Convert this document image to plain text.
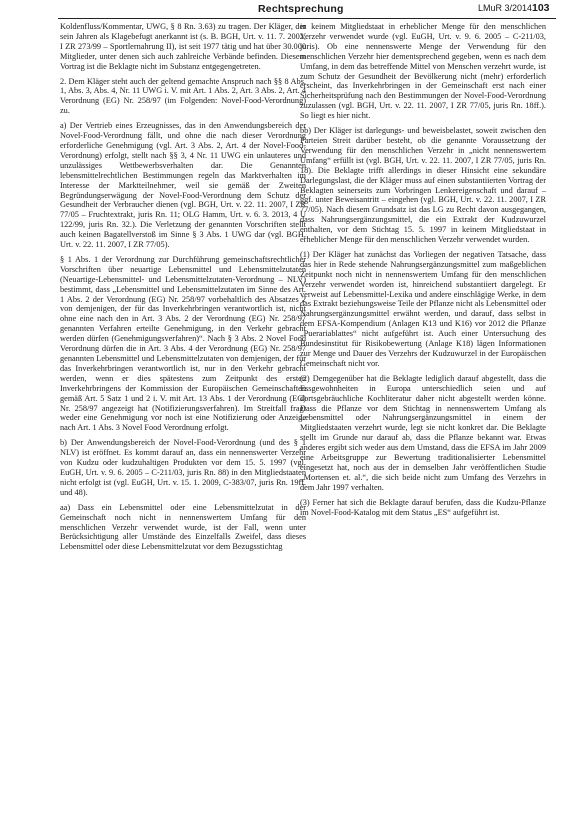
Rechtsprechung	LMuR 3/2014 103

Koldenfluss/Kommentar, UWG, § 8 Rn. 3.63) zu tragen. Der Kläger, der sein Jahren als Klagebefugt anerkannt ist (s. B. BGH, Urt. v. 11. 7. 2002, I ZR 273/99 – Sportlernahrung II), ist seit 1977 tätig und hat über 30.000 Mitglieder, unter denen sich auch zahlreiche Verbände befinden. Diesem Vortrag ist die Beklagte nicht im Substanz entgegengetreten.

2. Dem Kläger steht auch der geltend gemachte Anspruch nach §§ 8 Abs. 1, Abs. 3, Abs. 4, Nr. 11 UWG i. V. mit Art. 1 Abs. 2, Art. 3 Abs. 2, Art. 4 Verordnung (EG) Nr. 258/97 (im Folgenden: Novel-Food-Verordnung) zu.

a) Der Vertrieb eines Erzeugnisses, das in den Anwendungsbereich der Novel-Food-Verordnung fällt, und ohne die nach dieser Verordnung erforderliche Genehmigung (vgl. Art. 3 Abs. 2, Art. 4 der Novel-Food-Verordnung) erfolgt, stellt nach §§ 3, 4 Nr. 11 UWG ein unlauteres und unzulässiges Wettbewerbsverhalten dar. Die Genannten lebensmittelrechtlichen Bestimmungen regeln das Marktverhalten im Interesse der Marktteilnehmer, weil sie gemäß der Zweiten Begründungserwägung der Novel-Food-Verordnung dem Schutz der Gesundheit der Verbraucher dienen (vgl. BGH, Urt. v. 22. 11. 2007, I ZR 77/05 – Fruchtextrakt, juris Rn. 11; OLG Hamm, Urt. v. 6. 3. 2013, 4 U 122/99, juris Rn. 32.). Die Verletzung der genannten Vorschriften stellt auch keinen Bagatellverstoß im Sinne § 3 Abs. 1 UWG dar (vgl. BGH, Urt. v. 22. 11. 2007, I ZR 77/05).

§ 1 Abs. 1 der Verordnung zur Durchführung gemeinschaftsrechtlicher Vorschriften über neuartige Lebensmittel und Lebensmittelzutaten (Neuartige-Lebensmittel- und Lebensmittelzutaten-Verordnung – NLV) bestimmt, dass „Lebensmittel und Lebensmittelzutaten im Sinne des Art. 1 Abs. 2 der Verordnung (EG) Nr. 258/97 vorbehaltlich des Absatzes 2 von demjenigen, der für das Inverkehrbringen verantwortlich ist, nicht ohne eine nach den in Art. 3 Abs. 2 der Verordnung (EG) Nr. 258/97 genannten Verfahren erteilte Genehmigung, in den Verkehr gebracht werden dürfen (Genehmigungsverfahren)“. Nach § 3 Abs. 2 Novel Food Verordnung dürfen die in Art. 3 Abs. 4 der Verordnung (EG) Nr. 258/97 genannten Lebensmittel und Lebensmittelzutaten von demjenigen, der für das Inverkehrbringen verantwortlich ist, nur in den Verkehr gebracht werden, wenn er dies spätestens zum Zeitpunkt des ersten Inverkehrbringens der Kommission der Europäischen Gemeinschaften gemäß Art. 5 Satz 1 und 2 i. V. mit Art. 13 Abs. 1 der Verordnung (EG) Nr. 258/97 angezeigt hat (Notifizierungsverfahren). Im Streitfall fragt weder eine Genehmigung vor noch ist eine Notifizierung oder Anzeige nach Art. 1 Abs. 3 Novel Food Verordnung erfolgt.

b) Der Anwendungsbereich der Novel-Food-Verordnung (und des § 1 NLV) ist eröffnet. Es kommt darauf an, dass ein nennenswerter Verzehr von Kudzu oder kudzuhaltigen Produkten vor dem 15. 5. 1997 (vgl. EuGH, Urt. v. 9. 6. 2005 – C-211/03, juris Rn. 88) in den Mitgliedstaaten nicht erfolgt ist (vgl. EuGH, Urt. v. 15. 1. 2009, C-383/07, juris Rn. 19ff. und 48).

aa) Dass ein Lebensmittel oder eine Lebensmittelzutat in der Gemeinschaft noch nicht in nennenswertem Umfang für den menschlichen Verzehr verwendet wurde, ist der Fall, wenn unter Berücksichtigung aller Umstände des Einzelfalls Zweifel, dass dieses Lebensmittel oder diese Lebensmittelzutat vor dem Bezugsstichtag

in keinem Mitgliedstaat in erheblicher Menge für den menschlichen Verzehr verwendet wurde (vgl. EuGH, Urt. v. 9. 6. 2005 – C-211/03, juris). Ob eine nennenswerte Menge der Verwendung für den menschlichen Verzehr hier dementsprechend gegeben, wenn es nach dem Umfang, in dem das betreffende Mittel von Menschen verzehrt wurde, ist zum Schutz der Gesundheit der Bevölkerung nicht (mehr) erforderlich erscheint, das Inverkehrbringen in der Gemeinschaft erst nach einer Sicherheitsprüfung nach den Bestimmungen der Novel-Food-Verordnung zuzulassen (vgl. BGH, Urt. v. 22. 11. 2007, I ZR 77/05, juris Rn. 18ff.). So liegt es hier nicht.

bb) Der Kläger ist darlegungs- und beweisbelastet, soweit zwischen den Parteien Streit darüber besteht, ob die genannte Voraussetzung der Verwendung für den menschlichen Verzehr in „nicht nennenswertem Umfang“ erfüllt ist (vgl. BGH, Urt. v. 22. 11. 2007, I ZR 77/05, juris Rn. 18). Die Beklagte trifft allerdings in dieser Hinsicht eine sekundäre Darlegungslast, die der Kläger muss auf einen substantiierten Vortrag der Beklagten seinerseits zum Vorbringen Lenkereigenschaft und darauf – ggf. unter Beweisantritt – eingehen (vgl. BGH, Urt. v. 22. 11. 2007, I ZR 77/05). Nach diesem Grundsatz ist das LG zu Recht davon ausgegangen, dass Nahrungsergänzungsmittel, die ein Extrakt der Kudzuwurzel enthalten, vor dem Stichtag 15. 5. 1997 in keinem Mitgliedstaat in erheblicher Menge für den menschlichen Verzehr verwendet wurden.

(1) Der Kläger hat zunächst das Vorliegen der negativen Tatsache, dass das hier in Rede stehende Nahrungsergänzungsmittel zum maßgeblichen Zeitpunkt noch nicht in nennenswertem Umfang für den menschlichen Verzehr verwendet worden ist, hinreichend substantiiert dargelegt. Er verweist auf Lebensmittel-Lexika und andere einschlägige Werke, in dem das Extrakt beziehungsweise Teile der Pflanze nicht als Lebensmittel oder Nahrungsergänzungsmittel erwähnt werden, und darauf, dass selbst in dem EFSA-Kompendium (Anlagen K13 und K16) vor 2012 die Pflanze „Puerariablattes“ nicht aufgeführt ist. Auch einer Untersuchung des Bundesinstitut für Risikobewertung (Anlage K18) lägen Informationen zur Menge und Dauer des Verzehrs der Kudzuwurzel in der Europäischen Gemeinschaft nicht vor.

(2) Demgegenüber hat die Beklagte lediglich darauf abgestellt, dass die Essgewohnheiten in Europa unterschiedlich seien und auf dortsgebräuchliche Kochliteratur daher nicht abgestellt werden könne. Dass die Pflanze vor dem Stichtag in nennenswertem Umfang als Lebensmittel oder Nahrungsergänzungsmittel in einem der Mitgliedstaaten verzehrt wurde, legt sie nicht konkret dar. Die Beklagte stellt im Grunde nur darauf ab, dass die Pflanze bekannt war. Etwas anderes ergibt sich weder aus dem Umstand, dass die EFSA im Jahr 2009 eine Arbeitsgruppe zur Bewertung traditionalisierter Lebensmittel eingesetzt hat, noch aus der in demselben Jahr veröffentlichen Studie „Mortensen et. al.“, die sich beide nicht zum Umfang des Verzehrs in dem Jahr 1997 verhalten.

(3) Ferner hat sich die Beklagte darauf berufen, dass die Kudzu-Pflanze im Novel-Food-Katalog mit dem Status „ES“ aufgeführt ist.
